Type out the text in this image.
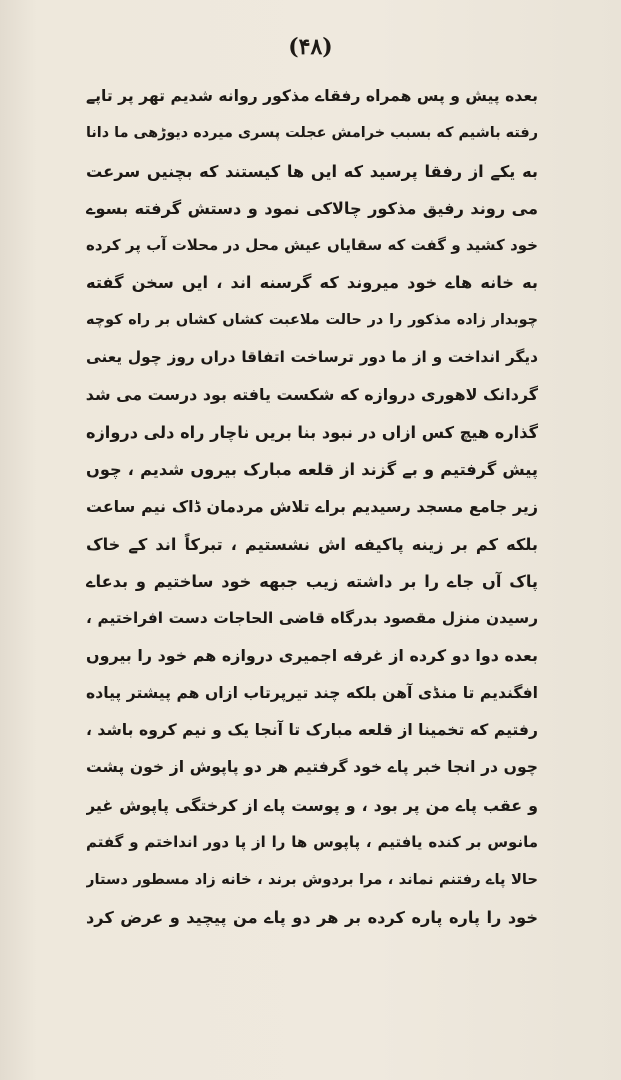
(۴۸)
بعده پیش و پس همراه رفقاے مذکور روانه شدیم تهر پر تاپے
رفته باشیم که بسبب خرامش عجلت پسری میرده دیوڑهی ما دانا
به یکے از رفقا پرسید که ایں ها کیستند که بچنیں سرعت
می روند رفیق مذکور چالاکی نمود و دستش گرفته بسوے
خود کشید و گفت که سقایاں عیش محل در محلات آب پر کرده
به خانه هاے خود میروند که گرسنه اند ، ایں سخن گفته
چوبدار زاده مذکور را در حالت ملاعبت کشاں کشاں بر راه کوچه
دیگر انداخت و از ما دور ترساخت اتفاقا دراں روز چول یعنی
گردانک لاهوری دروازه که شکست یافته بود درست می شد
گذاره هیچ کس ازاں در نبود بنا بریں ناچار راه دلی دروازه
پیش گرفتیم و بے گزند از قلعه مبارک بیروں شدیم ، چوں
زیر جامع مسجد رسیدیم براے تلاش مردمان ڈاک نیم ساعت
بلکه کم بر زینه پاکیفه اش نشستیم ، تبرکاً اند کے خاک
پاک آں جاے را بر داشته زیب جبهه خود ساختیم و بدعاے
رسیدن منزل مقصود بدرگاه قاضی الحاجات دست افراختیم ،
بعده دوا دو کرده از غرفه اجمیری دروازه هم خود را بیروں
افگندیم تا منڈی آهن بلکه چند تیرپرتاب ازاں هم پیشتر پیاده
رفتیم که تخمینا از قلعه مبارک تا آنجا یک و نیم کروه باشد ،
چوں در انجا خبر پاے خود گرفتیم هر دو پاپوش از خون پشت
و عقب پاے من پر بود ، و پوست پاے از کرختگی پاپوش غیر
مانوس بر کنده یافتیم ، پاپوس ها را از پا دور انداختم و گفتم
حالا پاے رفتنم نماند ، مرا بردوش برند ، خانه زاد مسطور دستار
خود را پاره پاره کرده بر هر دو پاے من پیچید و عرض کرد
